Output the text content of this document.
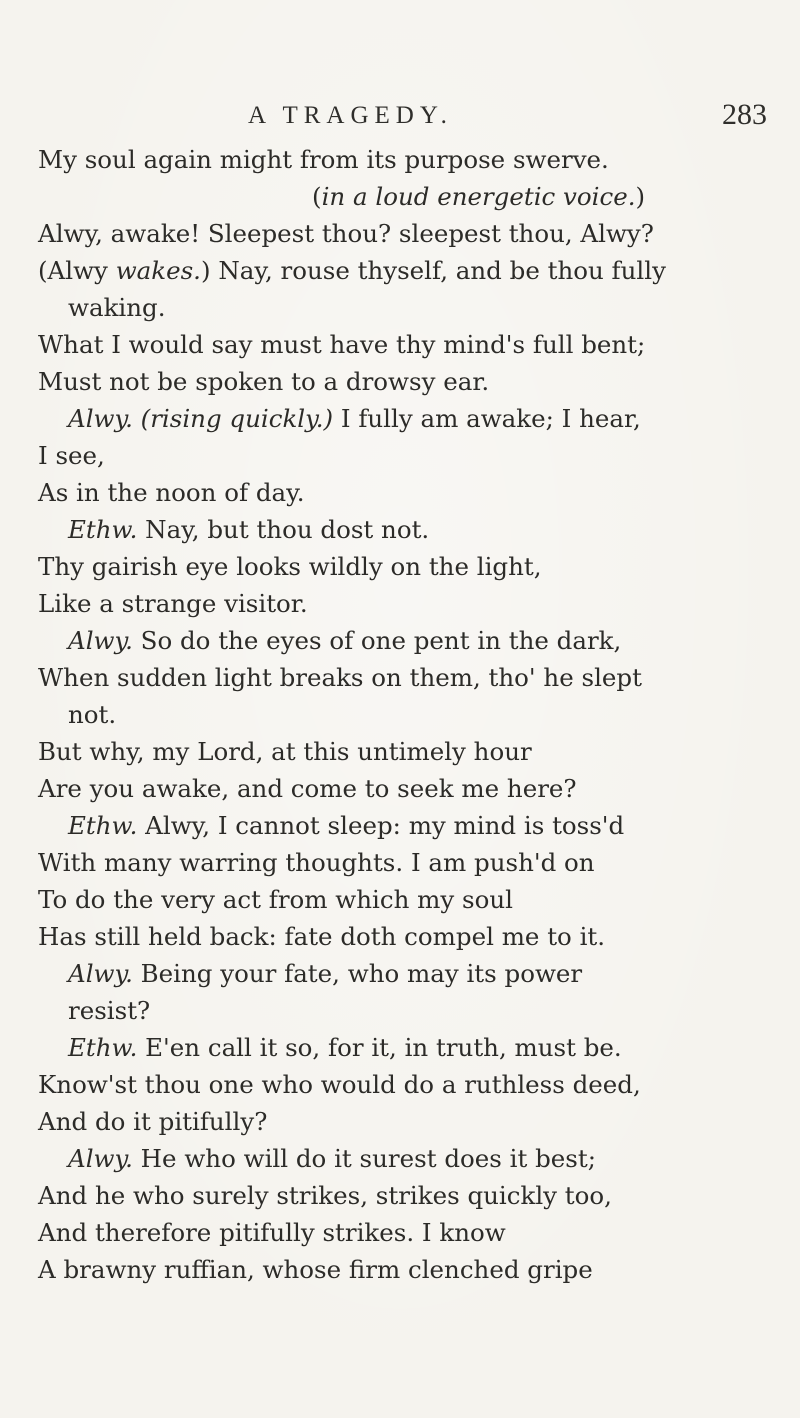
A TRAGEDY.	283
My soul again might from its purpose swerve.
(in a loud energetic voice.)
Alwy, awake! Sleepest thou? sleepest thou, Alwy?
(Alwy wakes.) Nay, rouse thyself, and be thou fully
waking.
What I would say must have thy mind's full bent;
Must not be spoken to a drowsy ear.
Alwy. (rising quickly.) I fully am awake; I hear,
I see,
As in the noon of day.
Ethw. Nay, but thou dost not.
Thy gairish eye looks wildly on the light,
Like a strange visitor.
Alwy. So do the eyes of one pent in the dark,
When sudden light breaks on them, tho' he slept
not.
But why, my Lord, at this untimely hour
Are you awake, and come to seek me here?
Ethw. Alwy, I cannot sleep: my mind is toss'd
With many warring thoughts. I am push'd on
To do the very act from which my soul
Has still held back: fate doth compel me to it.
Alwy. Being your fate, who may its power
resist?
Ethw. E'en call it so, for it, in truth, must be.
Know'st thou one who would do a ruthless deed,
And do it pitifully?
Alwy. He who will do it surest does it best;
And he who surely strikes, strikes quickly too,
And therefore pitifully strikes. I know
A brawny ruffian, whose firm clenched gripe
